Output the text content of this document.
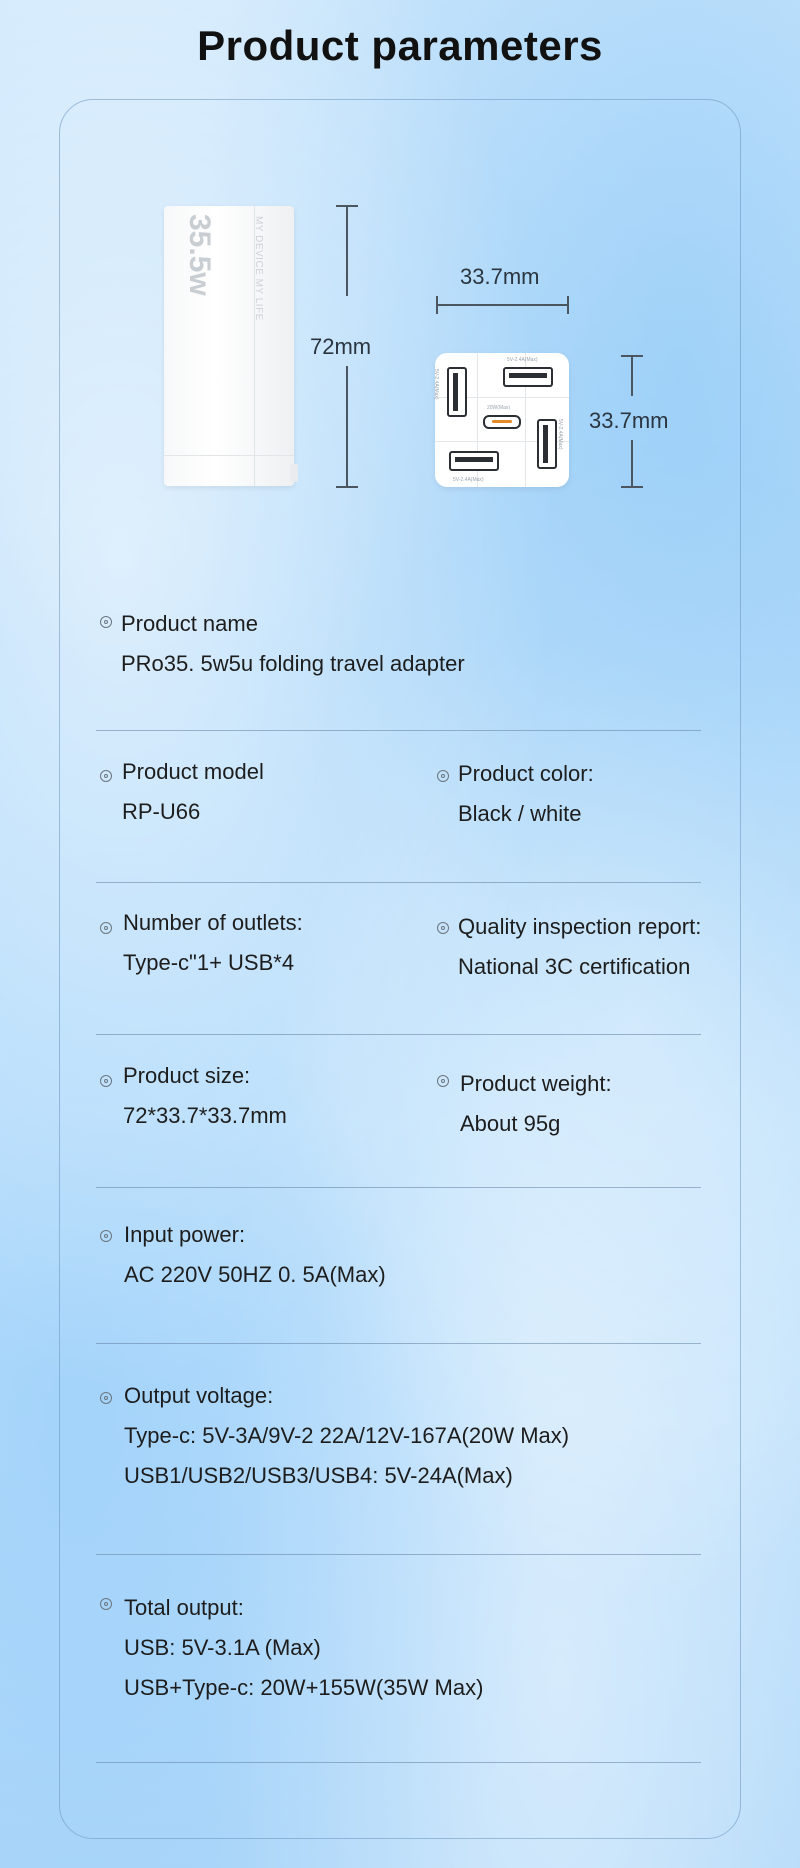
Product parameters
35.5w	MY DEVICE MY LIFE
72mm
33.7mm
33.7mm
5V-2.4A(Max)
5V-2.4A(Max)
20W(Max)
5V-2.4A(Max)
5V-2.4A(Max)
Product name
PRo35. 5w5u folding travel adapter
Product model
RP-U66
Product color:
Black / white
Number of outlets:
Type-c"1+ USB*4
Quality inspection report:
National 3C certification
Product size:
72*33.7*33.7mm
Product weight:
About 95g
Input power:
AC 220V 50HZ 0. 5A(Max)
Output voltage:
Type-c: 5V-3A/9V-2 22A/12V-167A(20W Max)
USB1/USB2/USB3/USB4: 5V-24A(Max)
Total output:
USB: 5V-3.1A (Max)
USB+Type-c: 20W+155W(35W Max)
